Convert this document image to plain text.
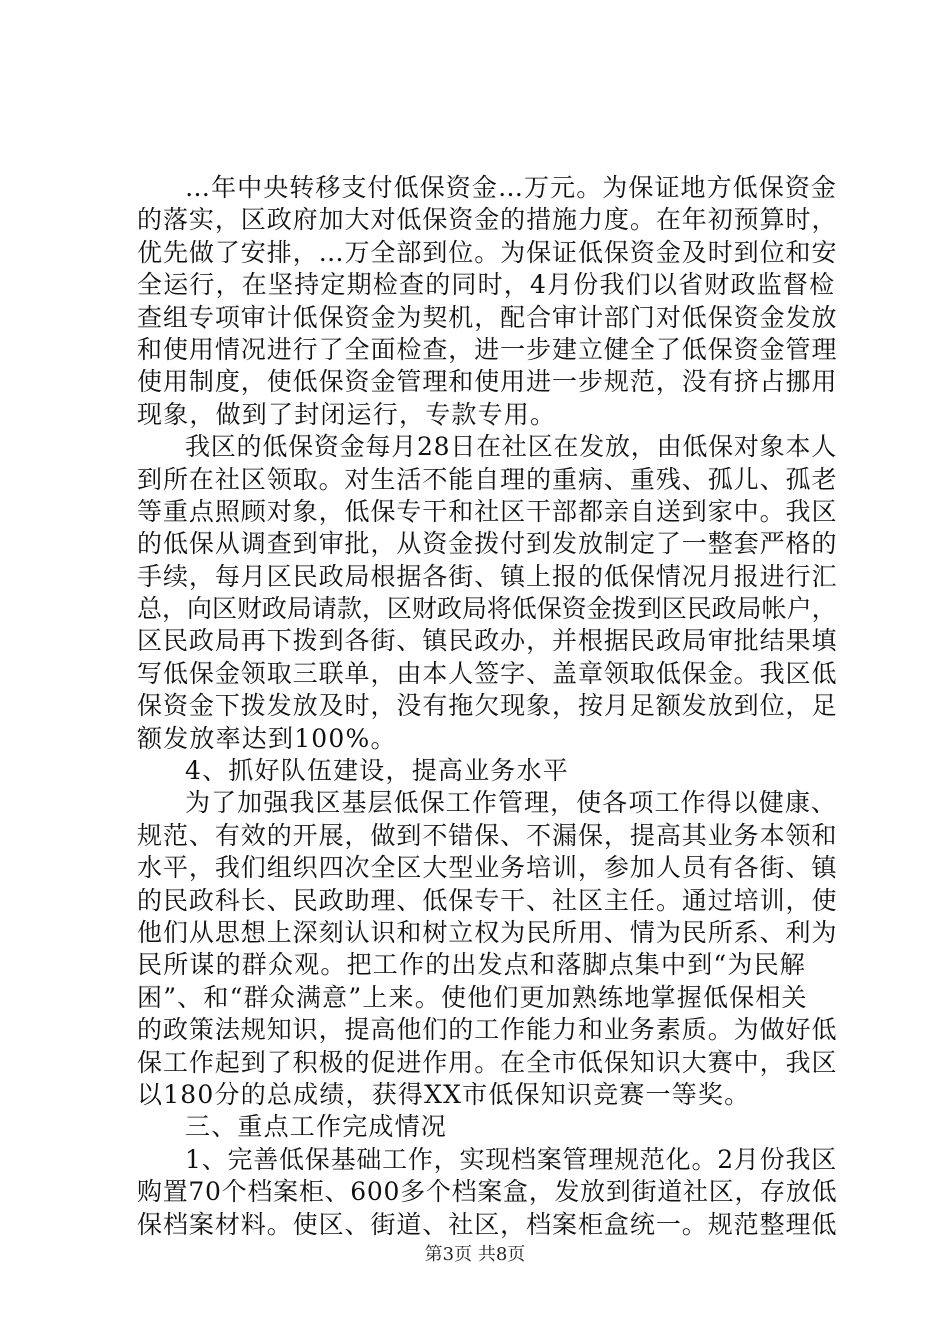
…年中央转移支付低保资金…万元。为保证地方低保资金
的落实，区政府加大对低保资金的措施力度。在年初预算时，
优先做了安排，…万全部到位。为保证低保资金及时到位和安
全运行，在坚持定期检查的同时，4月份我们以省财政监督检
查组专项审计低保资金为契机，配合审计部门对低保资金发放
和使用情况进行了全面检查，进一步建立健全了低保资金管理
使用制度，使低保资金管理和使用进一步规范，没有挤占挪用
现象，做到了封闭运行，专款专用。
我区的低保资金每月28日在社区在发放，由低保对象本人
到所在社区领取。对生活不能自理的重病、重残、孤儿、孤老
等重点照顾对象，低保专干和社区干部都亲自送到家中。我区
的低保从调查到审批，从资金拨付到发放制定了一整套严格的
手续，每月区民政局根据各街、镇上报的低保情况月报进行汇
总，向区财政局请款，区财政局将低保资金拨到区民政局帐户，
区民政局再下拨到各街、镇民政办，并根据民政局审批结果填
写低保金领取三联单，由本人签字、盖章领取低保金。我区低
保资金下拨发放及时，没有拖欠现象，按月足额发放到位，足
额发放率达到100%。
4、抓好队伍建设，提高业务水平
为了加强我区基层低保工作管理，使各项工作得以健康、
规范、有效的开展，做到不错保、不漏保，提高其业务本领和
水平，我们组织四次全区大型业务培训，参加人员有各街、镇
的民政科长、民政助理、低保专干、社区主任。通过培训，使
他们从思想上深刻认识和树立权为民所用、情为民所系、利为
民所谋的群众观。把工作的出发点和落脚点集中到“为民解
困”、和“群众满意”上来。使他们更加熟练地掌握低保相关
的政策法规知识，提高他们的工作能力和业务素质。为做好低
保工作起到了积极的促进作用。在全市低保知识大赛中，我区
以180分的总成绩，获得XX市低保知识竞赛一等奖。
三、重点工作完成情况
1、完善低保基础工作，实现档案管理规范化。2月份我区
购置70个档案柜、600多个档案盒，发放到街道社区，存放低
保档案材料。使区、街道、社区，档案柜盒统一。规范整理低
第3页 共8页
